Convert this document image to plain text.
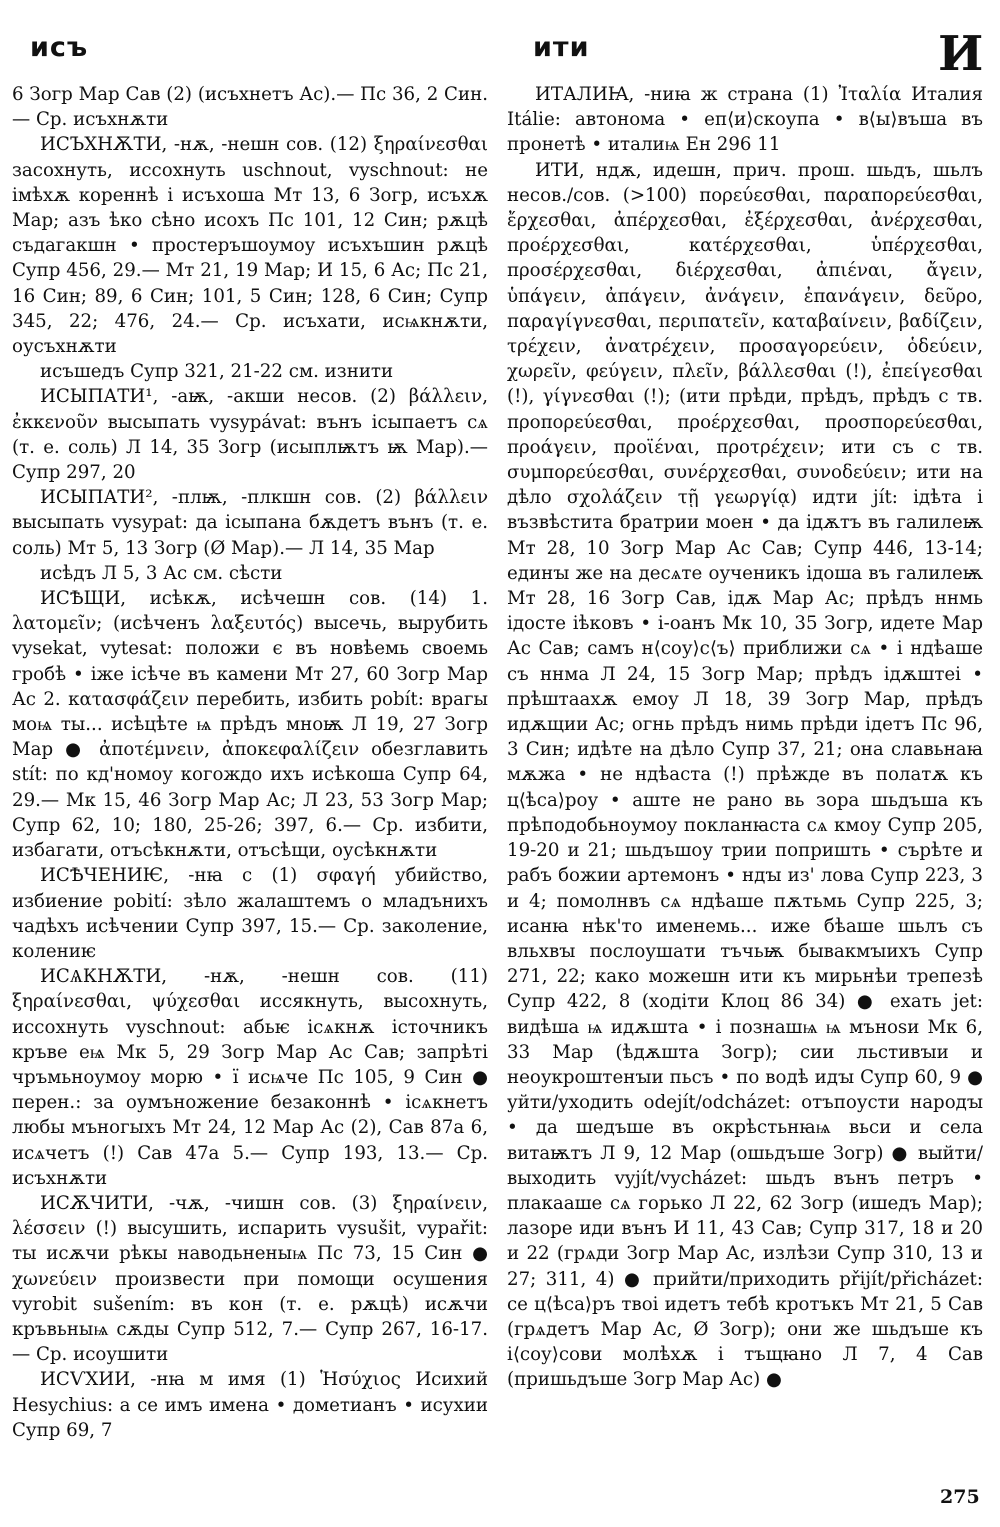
исъ	ити	И

6 Зогр Мар Сав (2) (исъхнетъ Ас).— Пс 36, 2 Син.— Ср. исъхнѫти

ИСЪХНѪТИ, -нѫ, -нешн сов. (12) ξηραίνεσθαι засохнуть, иссохнуть uschnout, vyschnout: не імѣхѫ кореннѣ і исъхоша Мт 13, 6 Зогр, исъхѫ Мар; азъ ѣко сѣно исохъ Пс 101, 12 Син; рѫцѣ съдагакшн • простеръшоумоу исъхъшин рѫцѣ Супр 456, 29.— Мт 21, 19 Мар; И 15, 6 Ас; Пс 21, 16 Син; 89, 6 Син; 101, 5 Син; 128, 6 Син; Супр 345, 22; 476, 24.— Ср. исъхати, исѩкнѫти, оусъхнѫти

исъшедъ Супр 321, 21-22 см. изнити

ИСЫПАТИ¹, -аѭ, -акши несов. (2) βάλλειν, ἐκκενοῦν высыпать vysypávat: вънъ іcыпаетъ сѧ (т. е. соль) Л 14, 35 Зогр (исыплѭтъ ѭ Мар).— Супр 297, 20

ИСЫПАТИ², -плѭ, -плкшн сов. (2) βάλλειν высыпать vysypat: да ісыпана бѫдетъ вънъ (т. е. соль) Мт 5, 13 Зогр (Ø Мар).— Л 14, 35 Мар

исѣдъ Л 5, 3 Ас см. сѣсти

ИСѢЩИ, исѣкѫ, исѣчешн сов. (14) 1. λατομεῖν; (исѣченъ λαξευτός) высечь, вырубить vysekat, vytesat: положи є въ новѣемь своемь гробѣ • іже ісѣче въ камени Мт 27, 60 Зогр Мар Ас 2. κατασφάζειν перебить, избить pobít: врагы моѩ ты... исѣцѣте ѩ прѣдъ мноѭ Л 19, 27 Зогр Мар ● ἀποτέμνειν, ἀποκεφαλίζειν обезглавить stít: по кд'номоу когождо ихъ исѣкоша Супр 64, 29.— Мк 15, 46 Зогр Мар Ас; Л 23, 53 Зогр Мар; Супр 62, 10; 180, 25-26; 397, 6.— Ср. избити, избагати, отъсѣкнѫти, отъсѣщи, оусѣкнѫти

ИСѢЧЕНИѤ, -нꙗ с (1) σφαγή убийство, избиение pobití: зѣло жалаштемъ о младънихъ чадѣхъ исѣчении Супр 397, 15.— Ср. заколение, колениѥ

ИСѦКНѪТИ, -нѫ, -нешн сов. (11) ξηραίνεσθαι, ψύχεσθαι иссякнуть, высохнуть, иссохнуть vyschnout: абьѥ ісѧкнѫ істочникъ кръве еѩ Мк 5, 29 Зогр Мар Ас Сав; запрѣті чръмьноумоу морю • ї исѩче Пс 105, 9 Син ● перен.: за оумъножение безаконнѣ • ісѧкнетъ любы мъногыхъ Мт 24, 12 Мар Ас (2), Сав 87а 6, исѧчетъ (!) Сав 47а 5.— Супр 193, 13.— Ср. исъхнѫти

ИСѪЧИТИ, -чѫ, -чишн сов. (3) ξηραίνειν, λέσσειν (!) высушить, испарить vysušit, vypařit: ты исѫчи рѣкы наводьненыѩ Пс 73, 15 Син ● χωνεύειν произвести при помощи осушения vyrobit sušením: въ кон (т. е. рѫцѣ) исѫчи кръвьныѩ сѫды Супр 512, 7.— Супр 267, 16-17.— Ср. исоушити

ИСѴХИИ, -нꙗ м имя (1) Ἡσύχιος Исихий Hesychius: а се имъ имена • дометианъ • исухии Супр 69, 7

ИТАЛИꙖ, -ниꙗ ж страна (1) Ἰταλία Италия Itálie: автонома • еп⟨и⟩скоупа • в⟨ы⟩въша въ пронетѣ • италиѩ Ен 296 11

ИТИ, ндѫ, идешн, прич. прош. шьдъ, шьлъ несов./сов. (>100) πορεύεσθαι, παραπορεύεσθαι, ἔρχεσθαι, ἀπέρχεσθαι, ἐξέρχεσθαι, ἀνέρχεσθαι, προέρχεσθαι, κατέρχεσθαι, ὑπέρχεσθαι, προσέρχεσθαι, διέρχεσθαι, ἀπιέναι, ἄγειν, ὑπάγειν, ἀπάγειν, ἀνάγειν, ἐπανάγειν, δεῦρο, παραγίγνεσθαι, περιπατεῖν, καταβαίνειν, βαδίζειν, τρέχειν, ἀνατρέχειν, προσαγορεύειν, ὁδεύειν, χωρεῖν, φεύγειν, πλεῖν, βάλλεσθαι (!), ἐπείγεσθαι (!), γίγνεσθαι (!); (ити прѣди, прѣдъ, прѣдъ с тв. προπορεύεσθαι, προέρχεσθαι, προσπορεύεσθαι, προάγειν, προϊέναι, προτρέχειν; ити съ с тв. συμπορεύεσθαι, συνέρχεσθαι, συνοδεύειν; ити на дѣло σχολάζειν τῇ γεωργίᾳ) идти jít: ідѣта і възвѣститa братрии моен • да ідѫтъ въ галилеѭ Мт 28, 10 Зогр Мар Ас Сав; Супр 446, 13-14; единꙑ же на десѧте оученикъ ідоша въ галилеѭ Мт 28, 16 Зогр Сав, ідѫ Мар Ас; прѣдъ ннмь ідосте іѣковъ • і-оанъ Мк 10, 35 Зогр, идете Мар Ас Сав; самъ н⟨соу⟩с⟨ъ⟩ приближи сѧ • і ндѣаше съ ннма Л 24, 15 Зогр Мар; прѣдъ ідѫштеі • прѣштаахѫ емоу Л 18, 39 Зогр Мар, прѣдъ идѫщии Ас; огнь прѣдъ нимь прѣди ідетъ Пс 96, 3 Син; идѣте на дѣло Супр 37, 21; она славьнаꙗ мѫжа • не ндѣаста (!) прѣжде въ полатѫ къ ц⟨ѣса⟩роу • аште не рано вь зора шьдъша къ прѣподобьноумоу покланꙗста сѧ кмоу Супр 205, 19-20 и 21; шьдъшоу трии попришть • сърѣте и рабъ божии артемонъ • ндꙑ из' лова Супр 223, 3 и 4; помолнвъ сѧ ндѣаше пѫтьмь Супр 225, 3; исанꙗ нѣк'то именемь... иже бѣаше шьлъ съ вльхвꙑ послоушати тъчьѭ бывакмꙑихъ Супр 271, 22; како можешн ити къ мирьнѣи трепезѣ Супр 422, 8 (ходіти Клоц 86 34) ● exать jet: видѣша ѩ идѫшта • і познашѩ ѩ мъноѕи Мк 6, 33 Мар (ѣдѫшта Зогр); сии льстивꙑи и неоукроштенꙑи пьсъ • по водѣ идꙑ Супр 60, 9 ● уйти/уходить odejít/odcházet: отъпоусти народꙑ • да шедъше въ окрѣстьнꙗѩ вьси и села витаѭтъ Л 9, 12 Мар (ошьдъше Зогр) ● выйти/выходить vyjít/vycházet: шьдъ вънъ петръ • плакааше сѧ горько Л 22, 62 Зогр (ишедъ Мар); лазоре иди вънъ И 11, 43 Сав; Супр 317, 18 и 20 и 22 (грѧди Зогр Мар Ас, излѣзи Супр 310, 13 и 27; 311, 4) ● прийти/приходить přijít/přicházet: се ц⟨ѣса⟩ръ твоі идетъ тебѣ кротъкъ Мт 21, 5 Сав (грѧдетъ Мар Ас, Ø Зогр); они же шьдъше къ і⟨соу⟩сови молѣхѫ і тъщꙗно Л 7, 4 Сав (пришьдъше Зогр Мар Ас) ●

275
